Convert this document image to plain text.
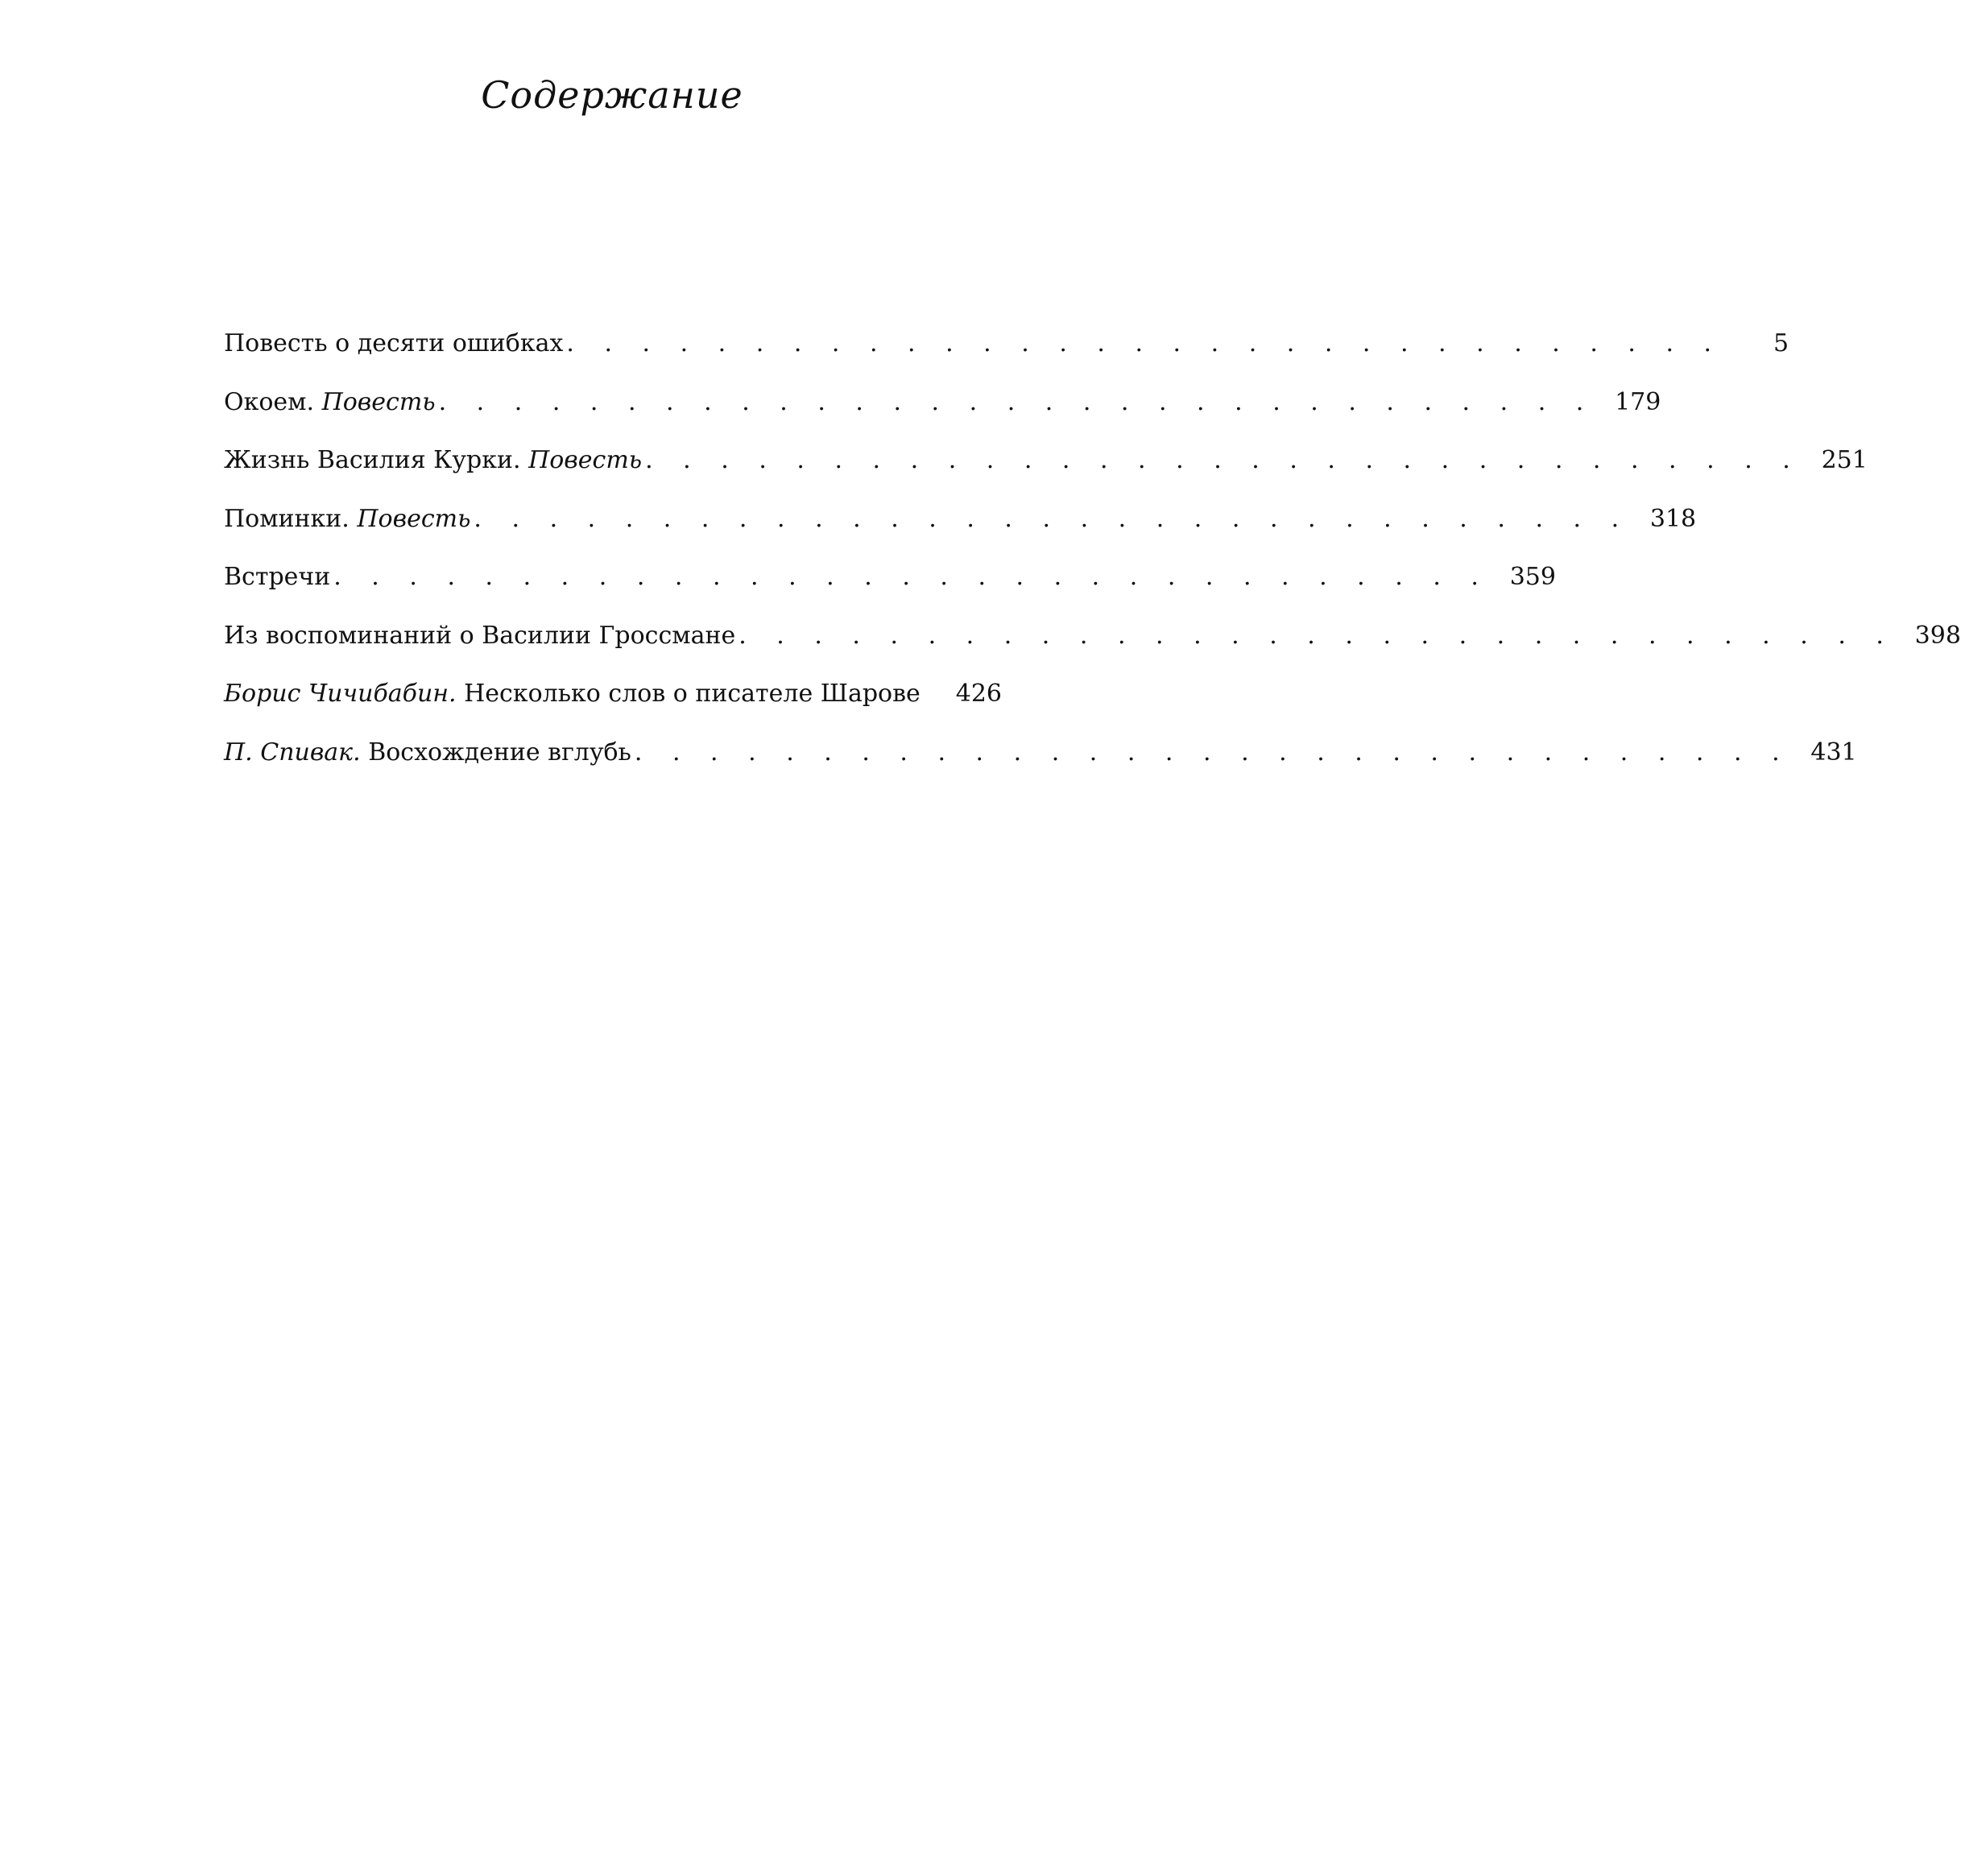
Содержание
Повесть о десяти ошибках . . . . . . . . . . . . . . . . . . . . . . . . . . . . . . .	5
Окоем. Повесть . . . . . . . . . . . . . . . . . . . . . . . . . . . . . . . 179
Жизнь Василия Курки. Повесть . . . . . . . . . . . . . . . . . . . . . . . . . . . . . . . 251
Поминки. Повесть . . . . . . . . . . . . . . . . . . . . . . . . . . . . . . . 318
Встречи . . . . . . . . . . . . . . . . . . . . . . . . . . . . . . . 359
Из воспоминаний о Василии Гроссмане . . . . . . . . . . . . . . . . . . . . . . . . . . . . . . . 398
Борис Чичибабин. Несколько слов о писателе Шарове 426
П. Спивак. Восхождение вглубь . . . . . . . . . . . . . . . . . . . . . . . . . . . . . . . 431
